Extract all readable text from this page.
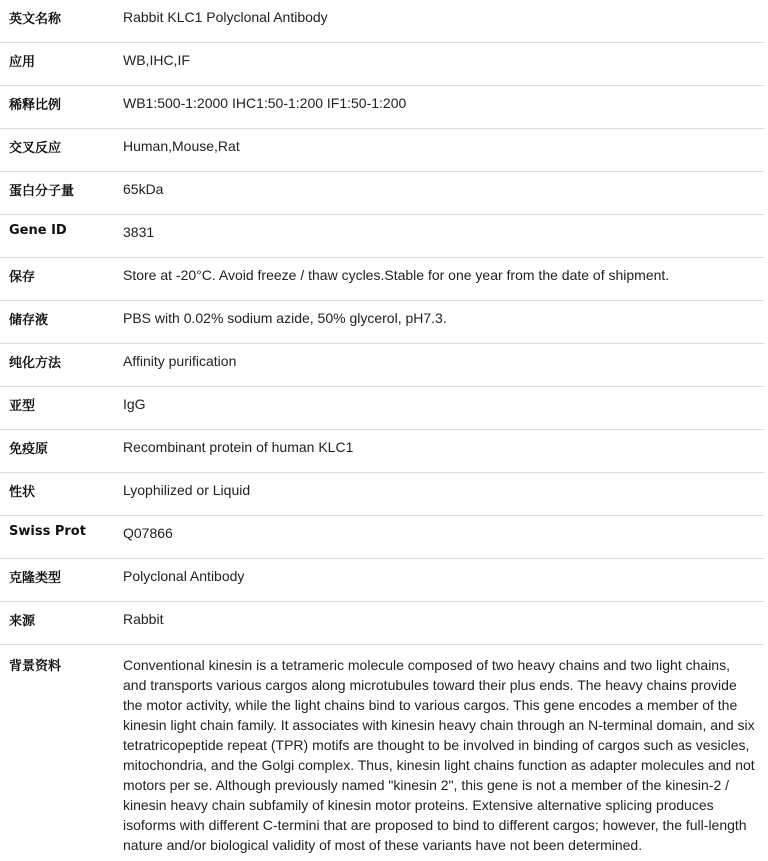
英文名称	Rabbit KLC1 Polyclonal Antibody
应用	WB,IHC,IF
稀释比例	WB1:500-1:2000 IHC1:50-1:200 IF1:50-1:200
交叉反应	Human,Mouse,Rat
蛋白分子量	65kDa
Gene ID	3831
保存	Store at -20°C. Avoid freeze / thaw cycles.Stable for one year from the date of shipment.
储存液	PBS with 0.02% sodium azide, 50% glycerol, pH7.3.
纯化方法	Affinity purification
亚型	IgG
免疫原	Recombinant protein of human KLC1
性状	Lyophilized or Liquid
Swiss Prot	Q07866
克隆类型	Polyclonal Antibody
来源	Rabbit
背景资料	Conventional kinesin is a tetrameric molecule composed of two heavy chains and two light chains, and transports various cargos along microtubules toward their plus ends. The heavy chains provide the motor activity, while the light chains bind to various cargos. This gene encodes a member of the kinesin light chain family. It associates with kinesin heavy chain through an N-terminal domain, and six tetratricopeptide repeat (TPR) motifs are thought to be involved in binding of cargos such as vesicles, mitochondria, and the Golgi complex. Thus, kinesin light chains function as adapter molecules and not motors per se. Although previously named "kinesin 2", this gene is not a member of the kinesin-2 / kinesin heavy chain subfamily of kinesin motor proteins. Extensive alternative splicing produces isoforms with different C-termini that are proposed to bind to different cargos; however, the full-length nature and/or biological validity of most of these variants have not been determined.
